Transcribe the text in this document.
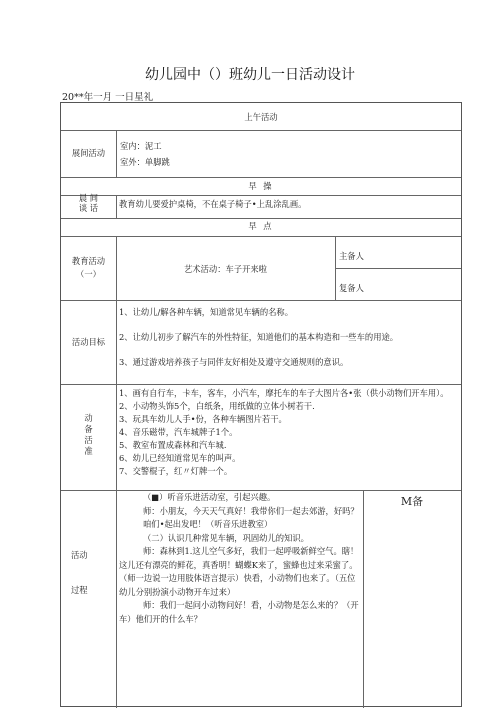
幼儿园中（）班幼儿一日活动设计
20**年一月 一日星礼
上午活动
展间活动
室内：泥工
室外：单脚跳
早 操
晨 间
谈 话	教育幼儿要爱护桌椅，不在桌子椅子•上乱涂乱画。
早 点
教育活动
（一）	艺术活动：车子开来啦
主备人
复备人
活动目标
1、让幼儿/解各种车辆，知道常见车辆的名称。
2、让幼儿初步了解汽车的外性特征，知道他们的基本构造和一些车的用途。
3、通过游戏培养孩子与同伴友好相处及遵守交通规则的意识。
动
备
活
准
1、画有自行车，卡车，客车，小汽车，摩托车的车子大图片各•张（供小动物们开车用）。
2、小动物头饰5个，白纸条，用纸做的立体小树若干.
3、玩具车幼儿人手•份，各种车辆图片若干。
4、音乐磁带，汽车城牌子1个。
5、教室布置成森林和汽车城.
6、幼儿已经知道常见车的叫声。
7、交警棍子，红〃灯牌一个。
活动
过程
M备

（■）听音乐进活动室，引起兴趣。

师：小朋友，今天天气真好！我带你们一起去郊游，好吗？

咱们•起出发吧！（听音乐进教室）

（二）认识几种常见车辆，巩固幼儿的知识。

师：森林到1.这儿空气多好，我们一起呼吸新鲜空气。瞎！这儿还有漂亮的鲜花，真香明！蝴蝶K来了，蜜蜂也过来采蜜了。（师一边说一边用肢体语言提示）快看，小动物们也来了。（五位幼儿分别扮演小动物开车过来）

师：我们一起问小动物问好！看，小动物是怎么来的？（开车）他们开的什么车？
